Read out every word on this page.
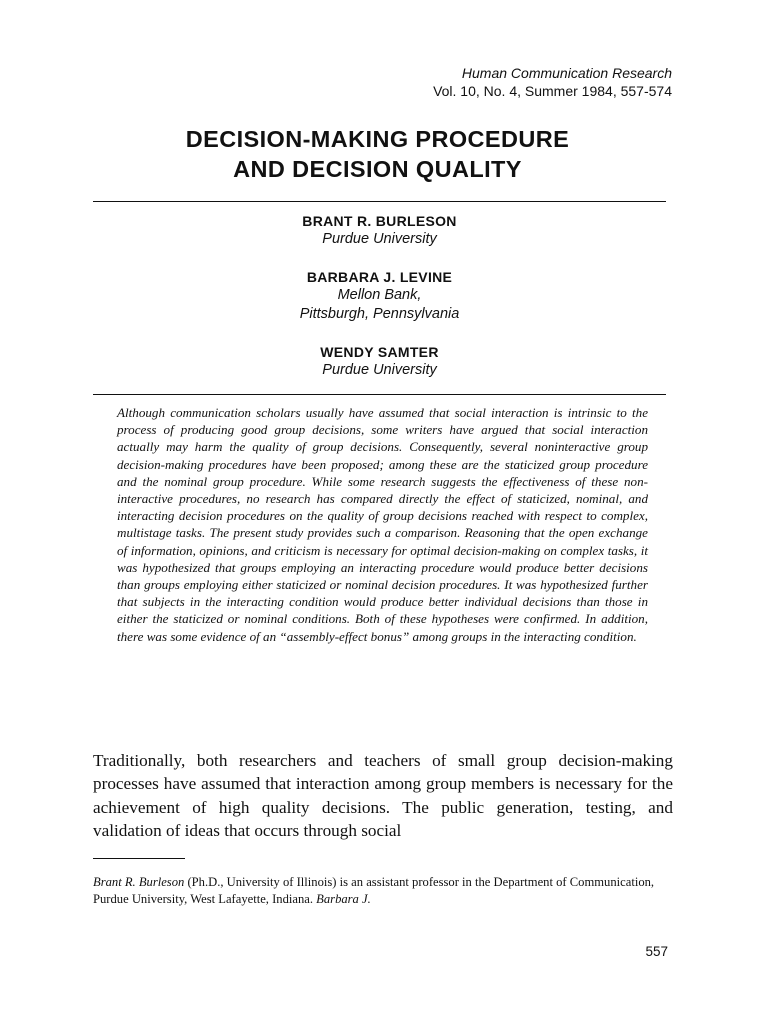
Human Communication Research
Vol. 10, No. 4, Summer 1984, 557-574
DECISION-MAKING PROCEDURE
AND DECISION QUALITY
BRANT R. BURLESON
Purdue University
BARBARA J. LEVINE
Mellon Bank,
Pittsburgh, Pennsylvania
WENDY SAMTER
Purdue University

Although communication scholars usually have assumed that social interaction is intrinsic to the process of producing good group decisions, some writers have argued that social interaction actually may harm the quality of group decisions. Consequently, several noninteractive group decision-making procedures have been proposed; among these are the staticized group procedure and the nominal group procedure. While some research suggests the effectiveness of these non-interactive procedures, no research has compared directly the effect of staticized, nominal, and interacting decision procedures on the quality of group decisions reached with respect to complex, multistage tasks. The present study provides such a comparison. Reasoning that the open exchange of information, opinions, and criticism is necessary for optimal decision-making on complex tasks, it was hypothesized that groups employing an interacting procedure would produce better decisions than groups employing either staticized or nominal decision procedures. It was hypothesized further that subjects in the interacting condition would produce better individual decisions than those in either the staticized or nominal conditions. Both of these hypotheses were confirmed. In addition, there was some evidence of an “assembly-effect bonus” among groups in the interacting condition.

Traditionally, both researchers and teachers of small group decision-making processes have assumed that interaction among group members is necessary for the achievement of high quality decisions. The public generation, testing, and validation of ideas that occurs through social

Brant R. Burleson (Ph.D., University of Illinois) is an assistant professor in the Department of Communication, Purdue University, West Lafayette, Indiana. Barbara J.

557
